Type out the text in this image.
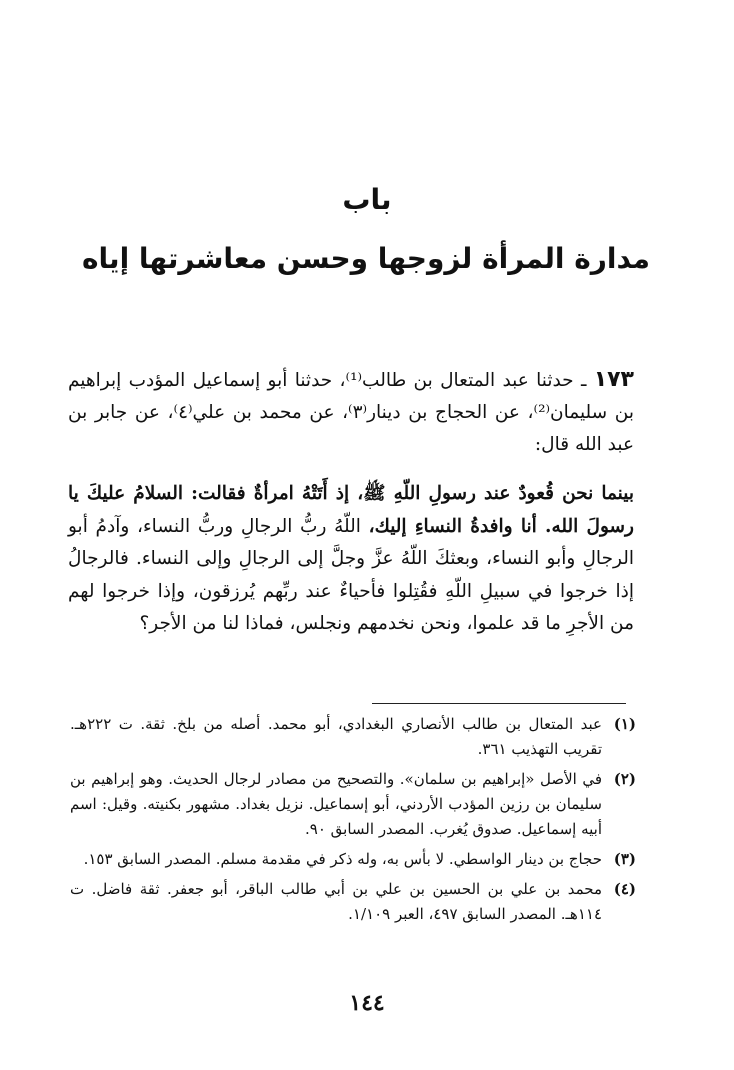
باب
مدارة المرأة لزوجها وحسن معاشرتها إياه
١٧٣ ـ حدثنا عبد المتعال بن طالب⁽¹⁾، حدثنا أبو إسماعيل المؤدب إبراهيم بن سليمان⁽²⁾، عن الحجاج بن دينار⁽٣⁾، عن محمد بن علي⁽٤⁾، عن جابر بن عبد الله قال:
بينما نحن قُعودٌ عند رسولِ اللّهِ ﷺ، إذ أَتَتْهُ امرأةٌ فقالت: السلامُ عليكَ يا رسولَ الله. أنا وافدةُ النساءِ إليك، اللّهُ ربُّ الرجالِ وربُّ النساء، وآدمُ أبو الرجالِ وأبو النساء، وبعثكَ اللّهُ عزَّ وجلَّ إلى الرجالِ وإلى النساء. فالرجالُ إذا خرجوا في سبيلِ اللّهِ فقُتِلوا فأحياءٌ عند ربِّهم يُرزقون، وإذا خرجوا لهم من الأجرِ ما قد علموا، ونحن نخدمهم ونجلس، فماذا لنا من الأجر؟
(١)
عبد المتعال بن طالب الأنصاري البغدادي، أبو محمد. أصله من بلخ. ثقة. ت ٢٢٢هـ. تقريب التهذيب ٣٦١.
(٢)
في الأصل «إبراهيم بن سلمان». والتصحيح من مصادر لرجال الحديث. وهو إبراهيم بن سليمان بن رزين المؤدب الأردني، أبو إسماعيل. نزيل بغداد. مشهور بكنيته. وقيل: اسم أبيه إسماعيل. صدوق يُغرب. المصدر السابق ٩٠.
(٣)
حجاج بن دينار الواسطي. لا بأس به، وله ذكر في مقدمة مسلم. المصدر السابق ١٥٣.
(٤)
محمد بن علي بن الحسين بن علي بن أبي طالب الباقر، أبو جعفر. ثقة فاضل. ت ١١٤هـ. المصدر السابق ٤٩٧، العبر ١/١٠٩.
١٤٤
